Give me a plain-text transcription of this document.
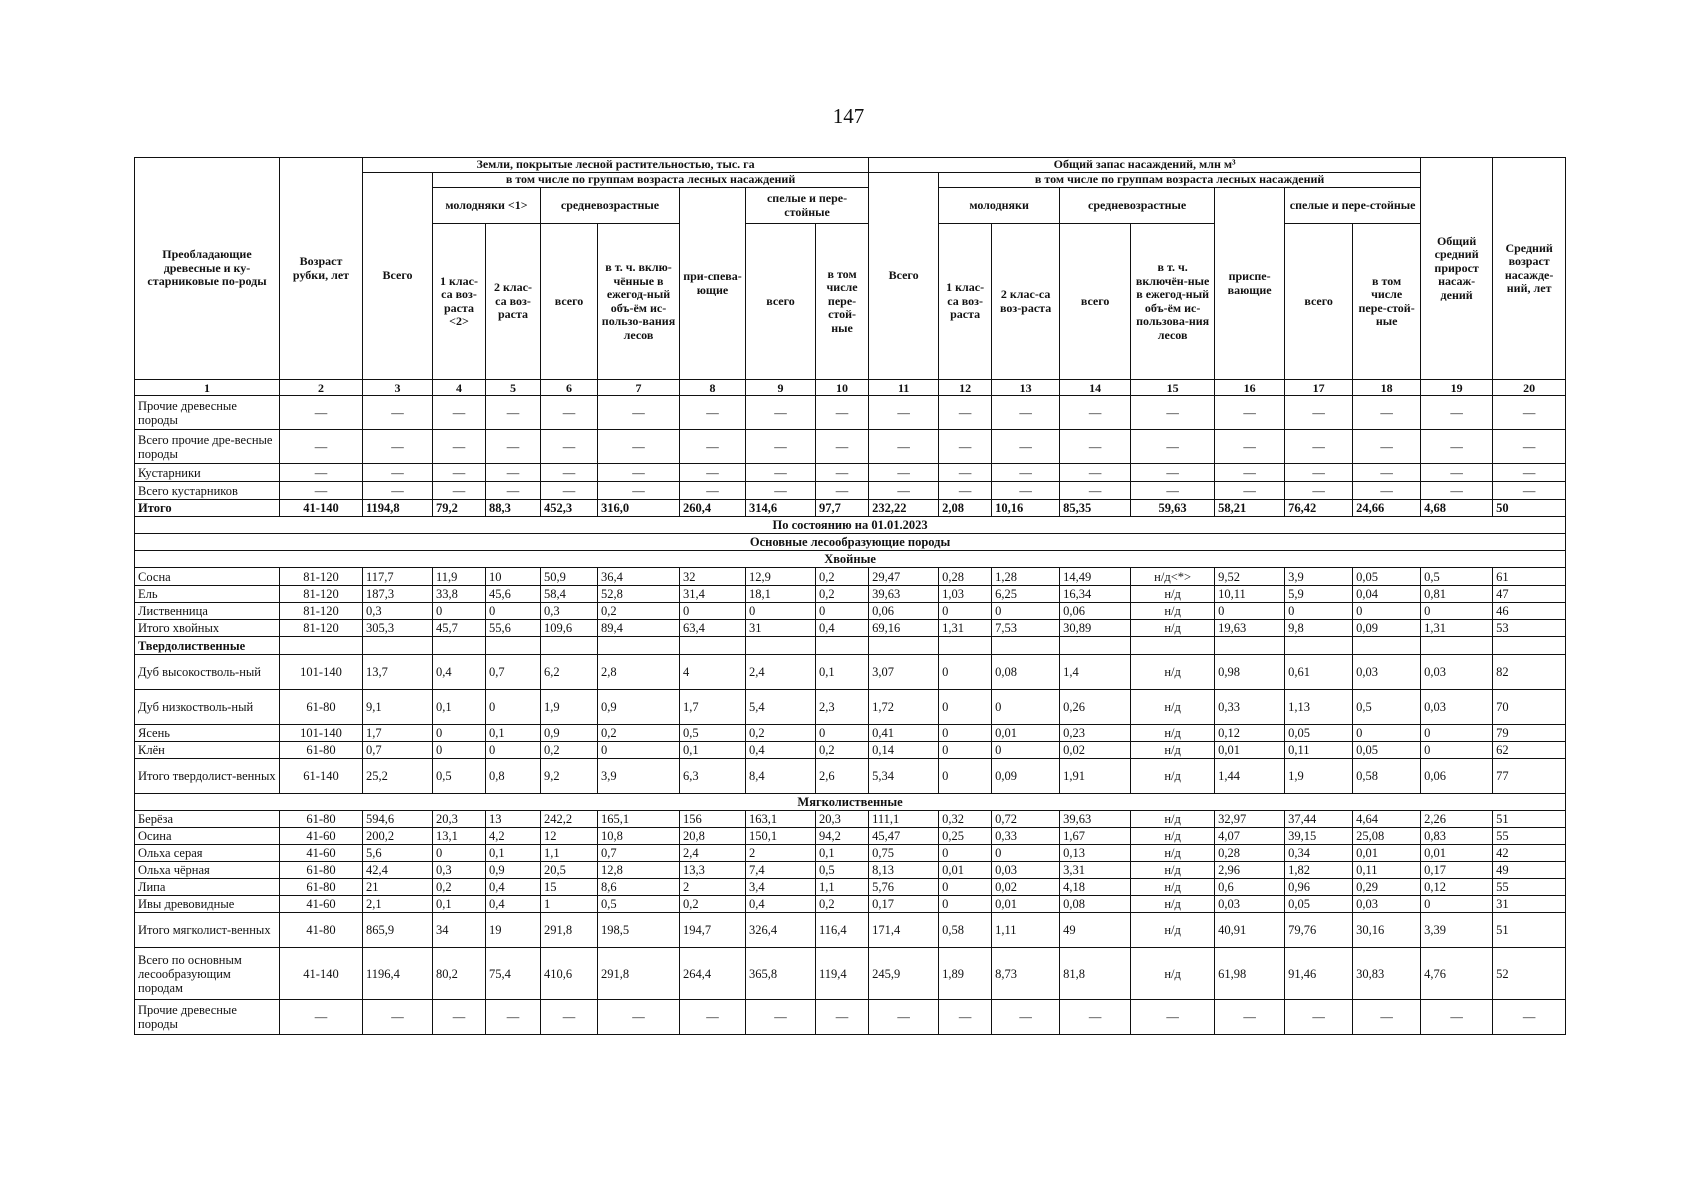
147
Преобладающие древесные и ку-старниковые по-роды	Возраст рубки, лет	Земли, покрытые лесной растительностью, тыс. га								Общий запас насаждений, млн м³								Общий средний прирост насаж-дений	Средний возраст насажде-ний, лет
		Всего	в том числе по группам возраста лесных насаждений							Всего	в том числе по группам возраста лесных насаждений								
			молодняки <1>		средневозрастные		при-спева-ющие	спелые и пере-стойные			молодняки		средневозрастные		приспе-вающие	спелые и пере-стойные			
			1 клас-са воз-раста <2>	2 клас-са воз-раста	всего	в т. ч. вклю-чённые в ежегод-ный объ-ём ис-пользо-вания лесов		всего	в том числе пере-стой-ные		1 клас-са воз-раста	2 клас-са воз-раста	всего	в т. ч. включён-ные в ежегод-ный объ-ём ис-пользова-ния лесов		всего	в том числе пере-стой-ные		
1	2	3	4	5	6	7	8	9	10	11	12	13	14	15	16	17	18	19	20
Прочие древесные породы	—	—	—	—	—	—	—	—	—	—	—	—	—	—	—	—	—	—	—
Всего прочие дре-весные породы	—	—	—	—	—	—	—	—	—	—	—	—	—	—	—	—	—	—	—
Кустарники	—	—	—	—	—	—	—	—	—	—	—	—	—	—	—	—	—	—	—
Всего кустарников	—	—	—	—	—	—	—	—	—	—	—	—	—	—	—	—	—	—	—
Итого	41-140	1194,8	79,2	88,3	452,3	316,0	260,4	314,6	97,7	232,22	2,08	10,16	85,35	59,63	58,21	76,42	24,66	4,68	50
По состоянию на 01.01.2023																			
Основные лесообразующие породы																			
Хвойные																			
Сосна	81-120	117,7	11,9	10	50,9	36,4	32	12,9	0,2	29,47	0,28	1,28	14,49	н/д<*>	9,52	3,9	0,05	0,5	61
Ель	81-120	187,3	33,8	45,6	58,4	52,8	31,4	18,1	0,2	39,63	1,03	6,25	16,34	н/д	10,11	5,9	0,04	0,81	47
Лиственница	81-120	0,3	0	0	0,3	0,2	0	0	0	0,06	0	0	0,06	н/д	0	0	0	0	46
Итого хвойных	81-120	305,3	45,7	55,6	109,6	89,4	63,4	31	0,4	69,16	1,31	7,53	30,89	н/д	19,63	9,8	0,09	1,31	53
Твердолиственные																			
Дуб высокостволь-ный	101-140	13,7	0,4	0,7	6,2	2,8	4	2,4	0,1	3,07	0	0,08	1,4	н/д	0,98	0,61	0,03	0,03	82
Дуб низкостволь-ный	61-80	9,1	0,1	0	1,9	0,9	1,7	5,4	2,3	1,72	0	0	0,26	н/д	0,33	1,13	0,5	0,03	70
Ясень	101-140	1,7	0	0,1	0,9	0,2	0,5	0,2	0	0,41	0	0,01	0,23	н/д	0,12	0,05	0	0	79
Клён	61-80	0,7	0	0	0,2	0	0,1	0,4	0,2	0,14	0	0	0,02	н/д	0,01	0,11	0,05	0	62
Итого твердолист-венных	61-140	25,2	0,5	0,8	9,2	3,9	6,3	8,4	2,6	5,34	0	0,09	1,91	н/д	1,44	1,9	0,58	0,06	77
Мягколиственные																			
Берёза	61-80	594,6	20,3	13	242,2	165,1	156	163,1	20,3	111,1	0,32	0,72	39,63	н/д	32,97	37,44	4,64	2,26	51
Осина	41-60	200,2	13,1	4,2	12	10,8	20,8	150,1	94,2	45,47	0,25	0,33	1,67	н/д	4,07	39,15	25,08	0,83	55
Ольха серая	41-60	5,6	0	0,1	1,1	0,7	2,4	2	0,1	0,75	0	0	0,13	н/д	0,28	0,34	0,01	0,01	42
Ольха чёрная	61-80	42,4	0,3	0,9	20,5	12,8	13,3	7,4	0,5	8,13	0,01	0,03	3,31	н/д	2,96	1,82	0,11	0,17	49
Липа	61-80	21	0,2	0,4	15	8,6	2	3,4	1,1	5,76	0	0,02	4,18	н/д	0,6	0,96	0,29	0,12	55
Ивы древовидные	41-60	2,1	0,1	0,4	1	0,5	0,2	0,4	0,2	0,17	0	0,01	0,08	н/д	0,03	0,05	0,03	0	31
Итого мягколист-венных	41-80	865,9	34	19	291,8	198,5	194,7	326,4	116,4	171,4	0,58	1,11	49	н/д	40,91	79,76	30,16	3,39	51
Всего по основным лесообразующим породам	41-140	1196,4	80,2	75,4	410,6	291,8	264,4	365,8	119,4	245,9	1,89	8,73	81,8	н/д	61,98	91,46	30,83	4,76	52
Прочие древесные породы	—	—	—	—	—	—	—	—	—	—	—	—	—	—	—	—	—	—	—
